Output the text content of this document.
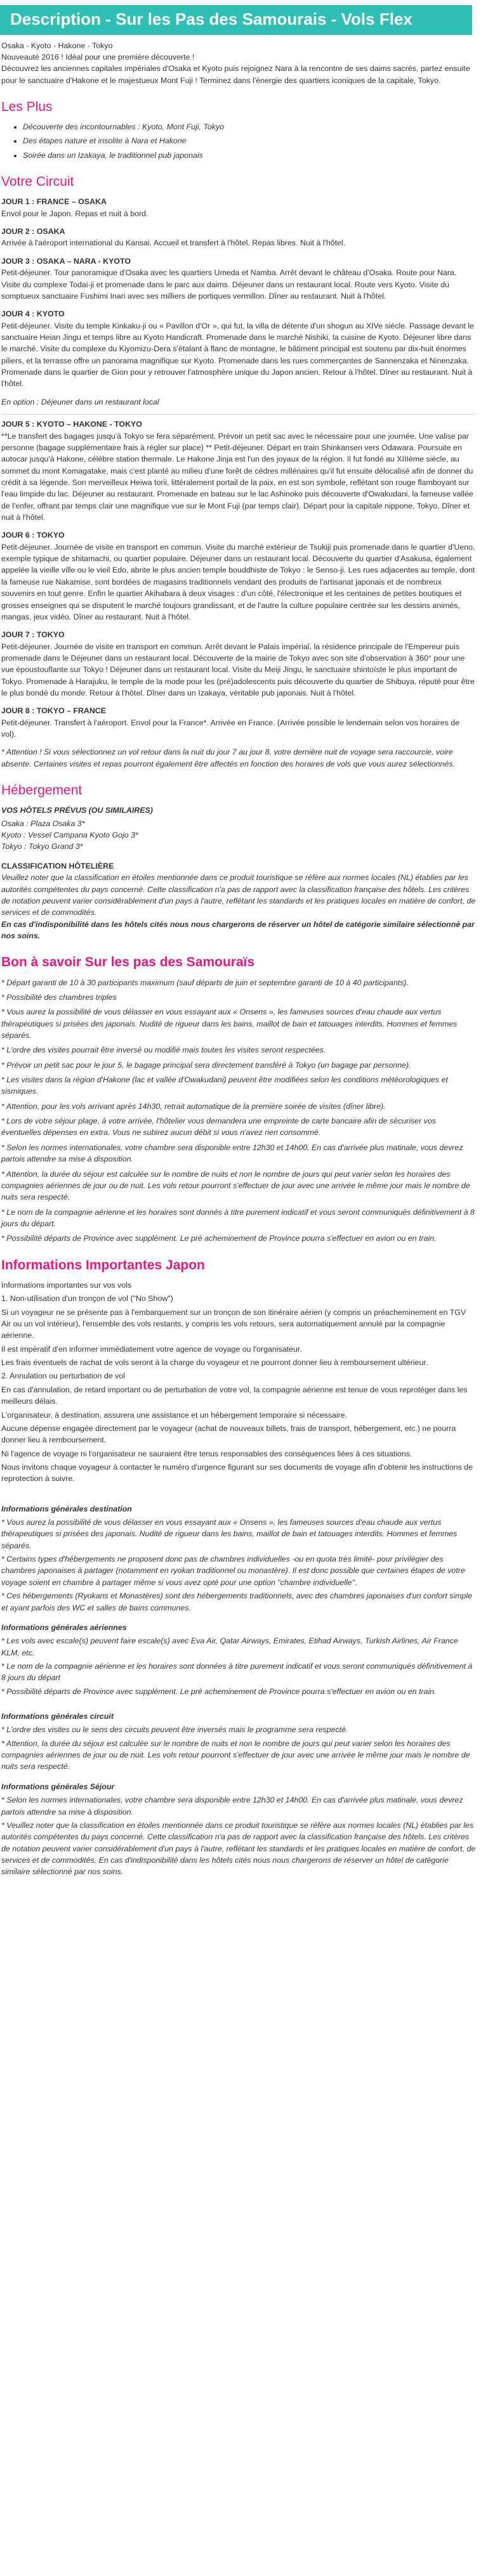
Description - Sur les Pas des Samourais - Vols Flex

Osaka - Kyoto - Hakone - Tokyo

Nouveauté 2016 ! Idéal pour une première découverte !

Découvrez les anciennes capitales impériales d'Osaka et Kyoto puis rejoignez Nara à la rencontre de ses daims sacrés, partez ensuite pour le sanctuaire d'Hakone et le majestueux Mont Fuji ! Terminez dans l'énergie des quartiers iconiques de la capitale, Tokyo.

Les Plus
• Découverte des incontournables : Kyoto, Mont Fuji, Tokyo
• Des étapes nature et insolite à Nara et Hakone
• Soirée dans un Izakaya, le traditionnel pub japonais
Votre Circuit

JOUR 1 : FRANCE – OSAKA

Envol pour le Japon. Repas et nuit à bord.

JOUR 2 : OSAKA

Arrivée à l'aéroport international du Kansai. Accueil et transfert à l'hôtel. Repas libres. Nuit à l'hôtel.

JOUR 3 : OSAKA – NARA - KYOTO

Petit-déjeuner. Tour panoramique d'Osaka avec les quartiers Umeda et Namba. Arrêt devant le château d'Osaka. Route pour Nara. Visite du complexe Todai-ji et promenade dans le parc aux daims. Déjeuner dans un restaurant local. Route vers Kyoto. Visite du somptueux sanctuaire Fushimi Inari avec ses milliers de portiques vermillon. Dîner au restaurant. Nuit à l'hôtel.

JOUR 4 : KYOTO

Petit-déjeuner. Visite du temple Kinkaku-ji ou « Pavillon d'Or », qui fut, la villa de détente d'un shogun au XIVe siècle. Passage devant le sanctuaire Heian Jingu et temps libre au Kyoto Handicraft. Promenade dans le marché Nishiki, la cuisine de Kyoto. Déjeuner libre dans le marché. Visite du complexe du Kiyomizu-Dera s'étalant à flanc de montagne, le bâtiment principal est soutenu par dix-huit énormes piliers, et la terrasse offre un panorama magnifique sur Kyoto. Promenade dans les rues commerçantes de Sannenzaka et Ninenzaka. Promenade dans le quartier de Gion pour y retrouver l'atmosphère unique du Japon ancien. Retour à l'hôtel. Dîner au restaurant. Nuit à l'hôtel.

En option : Déjeuner dans un restaurant local

JOUR 5 : KYOTO – HAKONE - TOKYO

**Le transfert des bagages jusqu'à Tokyo se fera séparément. Prévoir un petit sac avec le nécessaire pour une journée. Une valise par personne (bagage supplémentaire frais à régler sur place) ** Petit-déjeuner. Départ en train Shinkansen vers Odawara. Poursuite en autocar jusqu'à Hakone, célèbre station thermale. Le Hakone Jinja est l'un des joyaux de la région. Il fut fondé au XIIIème siècle, au sommet du mont Komagatake, mais c'est planté au milieu d'une forêt de cèdres millénaires qu'il fut ensuite délocalisé afin de donner du crédit à sa légende. Son merveilleux Heiwa torii, littéralement portail de la paix, en est son symbole, reflétant son rouge flamboyant sur l'eau limpide du lac. Déjeuner au restaurant. Promenade en bateau sur le lac Ashinoko puis découverte d'Owakudani, la fameuse vallée de l'enfer, offrant par temps clair une magnifique vue sur le Mont Fuji (par temps clair). Départ pour la capitale nippone, Tokyo. Dîner et nuit à l'hôtel.

JOUR 6 : TOKYO

Petit-déjeuner. Journée de visite en transport en commun. Visite du marché extérieur de Tsukiji puis promenade dans le quartier d'Ueno, exemple typique de shitamachi, ou quartier populaire. Déjeuner dans un restaurant local. Découverte du quartier d'Asakusa, également appelée la vieille ville ou le vieil Edo, abrite le plus ancien temple bouddhiste de Tokyo : le Senso-ji. Les rues adjacentes au temple, dont la fameuse rue Nakamise, sont bordées de magasins traditionnels vendant des produits de l'artisanat japonais et de nombreux souvenirs en tout genre. Enfin le quartier Akihabara à deux visages : d'un côté, l'électronique et les centaines de petites boutiques et grosses enseignes qui se disputent le marché toujours grandissant, et de l'autre la culture populaire centrée sur les dessins animés, mangas, jeux vidéo. Dîner au restaurant. Nuit à l'hôtel.

JOUR 7 : TOKYO

Petit-déjeuner. Journée de visite en transport en commun. Arrêt devant le Palais impérial, la résidence principale de l'Empereur puis promenade dans le Déjeuner dans un restaurant local. Découverte de la mairie de Tokyo avec son site d'observation à 360° pour une vue époustouflante sur Tokyo ! Déjeuner dans un restaurant local. Visite du Meiji Jingu, le sanctuaire shintoïste le plus important de Tokyo. Promenade à Harajuku, le temple de la mode pour les (pré)adolescents puis découverte du quartier de Shibuya, réputé pour être le plus bondé du monde. Retour à l'hôtel. Dîner dans un Izakaya, véritable pub japonais. Nuit à l'hôtel.

JOUR 8 : TOKYO – FRANCE

Petit-déjeuner. Transfert à l'aéroport. Envol pour la France*. Arrivée en France. (Arrivée possible le lendemain selon vos horaires de vol).

* Attention ! Si vous sélectionnez un vol retour dans la nuit du jour 7 au jour 8, votre dernière nuit de voyage sera raccourcie, voire absente. Certaines visites et repas pourront également être affectés en fonction des horaires de vols que vous aurez sélectionnés.

Hébergement

VOS HÔTELS PRÉVUS (OU SIMILAIRES)

Osaka : Plaza Osaka 3*
Kyoto : Vessel Campana Kyoto Gojo 3*
Tokyo : Tokyo Grand 3*

CLASSIFICATION HÔTELIÈRE

Veuillez noter que la classification en étoiles mentionnée dans ce produit touristique se réfère aux normes locales (NL) établies par les autorités compétentes du pays concerné. Cette classification n'a pas de rapport avec la classification française des hôtels. Les critères de notation peuvent varier considérablement d'un pays à l'autre, reflétant les standards et les pratiques locales en matière de confort, de services et de commodités.

En cas d'indisponibilité dans les hôtels cités nous nous chargerons de réserver un hôtel de catégorie similaire sélectionné par nos soins.

Bon à savoir Sur les pas des Samouraïs

* Départ garanti de 10 à 30 participants maximum (sauf départs de juin et septembre garanti de 10 à 40 participants).

* Possibilité des chambres triples

* Vous aurez la possibilité de vous délasser en vous essayant aux « Onsens », les fameuses sources d'eau chaude aux vertus thérapeutiques si prisées des japonais. Nudité de rigueur dans les bains, maillot de bain et tatouages interdits. Hommes et femmes séparés.

* L'ordre des visites pourrait être inversé ou modifié mais toutes les visites seront respectées.

* Prévoir un petit sac pour le jour 5, le bagage principal sera directement transféré à Tokyo (un bagage par personne).

* Les visites dans la région d'Hakone (lac et vallée d'Owakudani) peuvent être modifiées selon les conditions météorologiques et sismiques.

* Attention, pour les vols arrivant après 14h30, retrait automatique de la première soirée de visites (dîner libre).

* Lors de votre séjour plage, à votre arrivée, l'hôtelier vous demandera une empreinte de carte bancaire afin de sécuriser vos éventuelles dépenses en extra. Vous ne subirez aucun débit si vous n'avez rien consommé.

* Selon les normes internationales, votre chambre sera disponible entre 12h30 et 14h00. En cas d'arrivée plus matinale, vous devrez partois attendre sa mise à disposition.

* Attention, la durée du séjour est calculée sur le nombre de nuits et non le nombre de jours qui peut varier selon les horaires des compagnies aériennes de jour ou de nuit. Les vols retour pourront s'effectuer de jour avec une arrivée le même jour mais le nombre de nuits sera respecté.

* Le nom de la compagnie aérienne et les horaires sont donnés à titre purement indicatif et vous seront communiqués définitivement à 8 jours du départ.

* Possibilité départs de Province avec supplément. Le pré acheminement de Province pourra s'effectuer en avion ou en train.

Informations Importantes Japon

Informations importantes sur vos vols

1. Non-utilisation d'un tronçon de vol ("No Show")

Si un voyageur ne se présente pas à l'embarquement sur un tronçon de son itinéraire aérien (y compris un préacheminement en TGV Air ou un vol intérieur), l'ensemble des vols restants, y compris les vols retours, sera automatiquement annulé par la compagnie aérienne.

Il est impératif d'en informer immédiatement votre agence de voyage ou l'organisateur.

Les frais éventuels de rachat de vols seront à la charge du voyageur et ne pourront donner lieu à remboursement ultérieur.

2. Annulation ou perturbation de vol

En cas d'annulation, de retard important ou de perturbation de votre vol, la compagnie aérienne est tenue de vous reprotéger dans les meilleurs délais.

L'organisateur, à destination, assurera une assistance et un hébergement temporaire si nécessaire.

Aucune dépense engagée directement par le voyageur (achat de nouveaux billets, frais de transport, hébergement, etc.) ne pourra donner lieu à remboursement.

Ni l'agence de voyage ni l'organisateur ne sauraient être tenus responsables des conséquences liées à ces situations.

Nous invitons chaque voyageur à contacter le numéro d'urgence figurant sur ses documents de voyage afin d'obtenir les instructions de reprotection à suivre.

Informations générales destination

* Vous aurez la possibilité de vous délasser en vous essayant aux « Onsens », les fameuses sources d'eau chaude aux vertus thérapeutiques si prisées des japonais. Nudité de rigueur dans les bains, maillot de bain et tatouages interdits. Hommes et femmes séparés.

* Certains types d'hébergements ne proposent donc pas de chambres individuelles -ou en quota très limité- pour privilégier des chambres japonaises à partager (notamment en ryokan traditionnel ou monastère). Il est donc possible que certaines étapes de votre voyage soient en chambre à partager même si vous avez opté pour une option "chambre individuelle".

* Ces hébergements (Ryokans et Monastères) sont des hébergements traditionnels, avec des chambres japonaises d'un confort simple et ayant parfois des WC et salles de bains communes.

Informations générales aériennes

* Les vols avec escale(s) peuvent faire escale(s) avec Eva Air, Qatar Airways, Emirates, Etihad Airways, Turkish Airlines, Air France KLM, etc.

* Le nom de la compagnie aérienne et les horaires sont données à titre purement indicatif et vous seront communiqués définitivement à 8 jours du départ

* Possibilité départs de Province avec supplément. Le pré acheminement de Province pourra s'effectuer en avion ou en train.

Informations générales circuit

* L'ordre des visites ou le sens des circuits peuvent être inversés mais le programme sera respecté.

* Attention, la durée du séjour est calculée sur le nombre de nuits et non le nombre de jours qui peut varier selon les horaires des compagnies aériennes de jour ou de nuit. Les vols retour pourront s'effectuer de jour avec une arrivée le même jour mais le nombre de nuits sera respecté.

Informations générales Séjour

* Selon les normes internationales, votre chambre sera disponible entre 12h30 et 14h00. En cas d'arrivée plus matinale, vous devrez partois attendre sa mise à disposition.

* Veuillez noter que la classification en étoiles mentionnée dans ce produit touristique se réfère aux normes locales (NL) établies par les autorités compétentes du pays concerné. Cette classification n'a pas de rapport avec la classification française des hôtels. Les critères de notation peuvent varier considérablement d'un pays à l'autre, reflétant les standards et les pratiques locales en matière de confort, de services et de commodités. En cas d'indisponibilité dans les hôtels cités nous nous chargerons de réserver un hôtel de catégorie similaire sélectionné par nos soins.
